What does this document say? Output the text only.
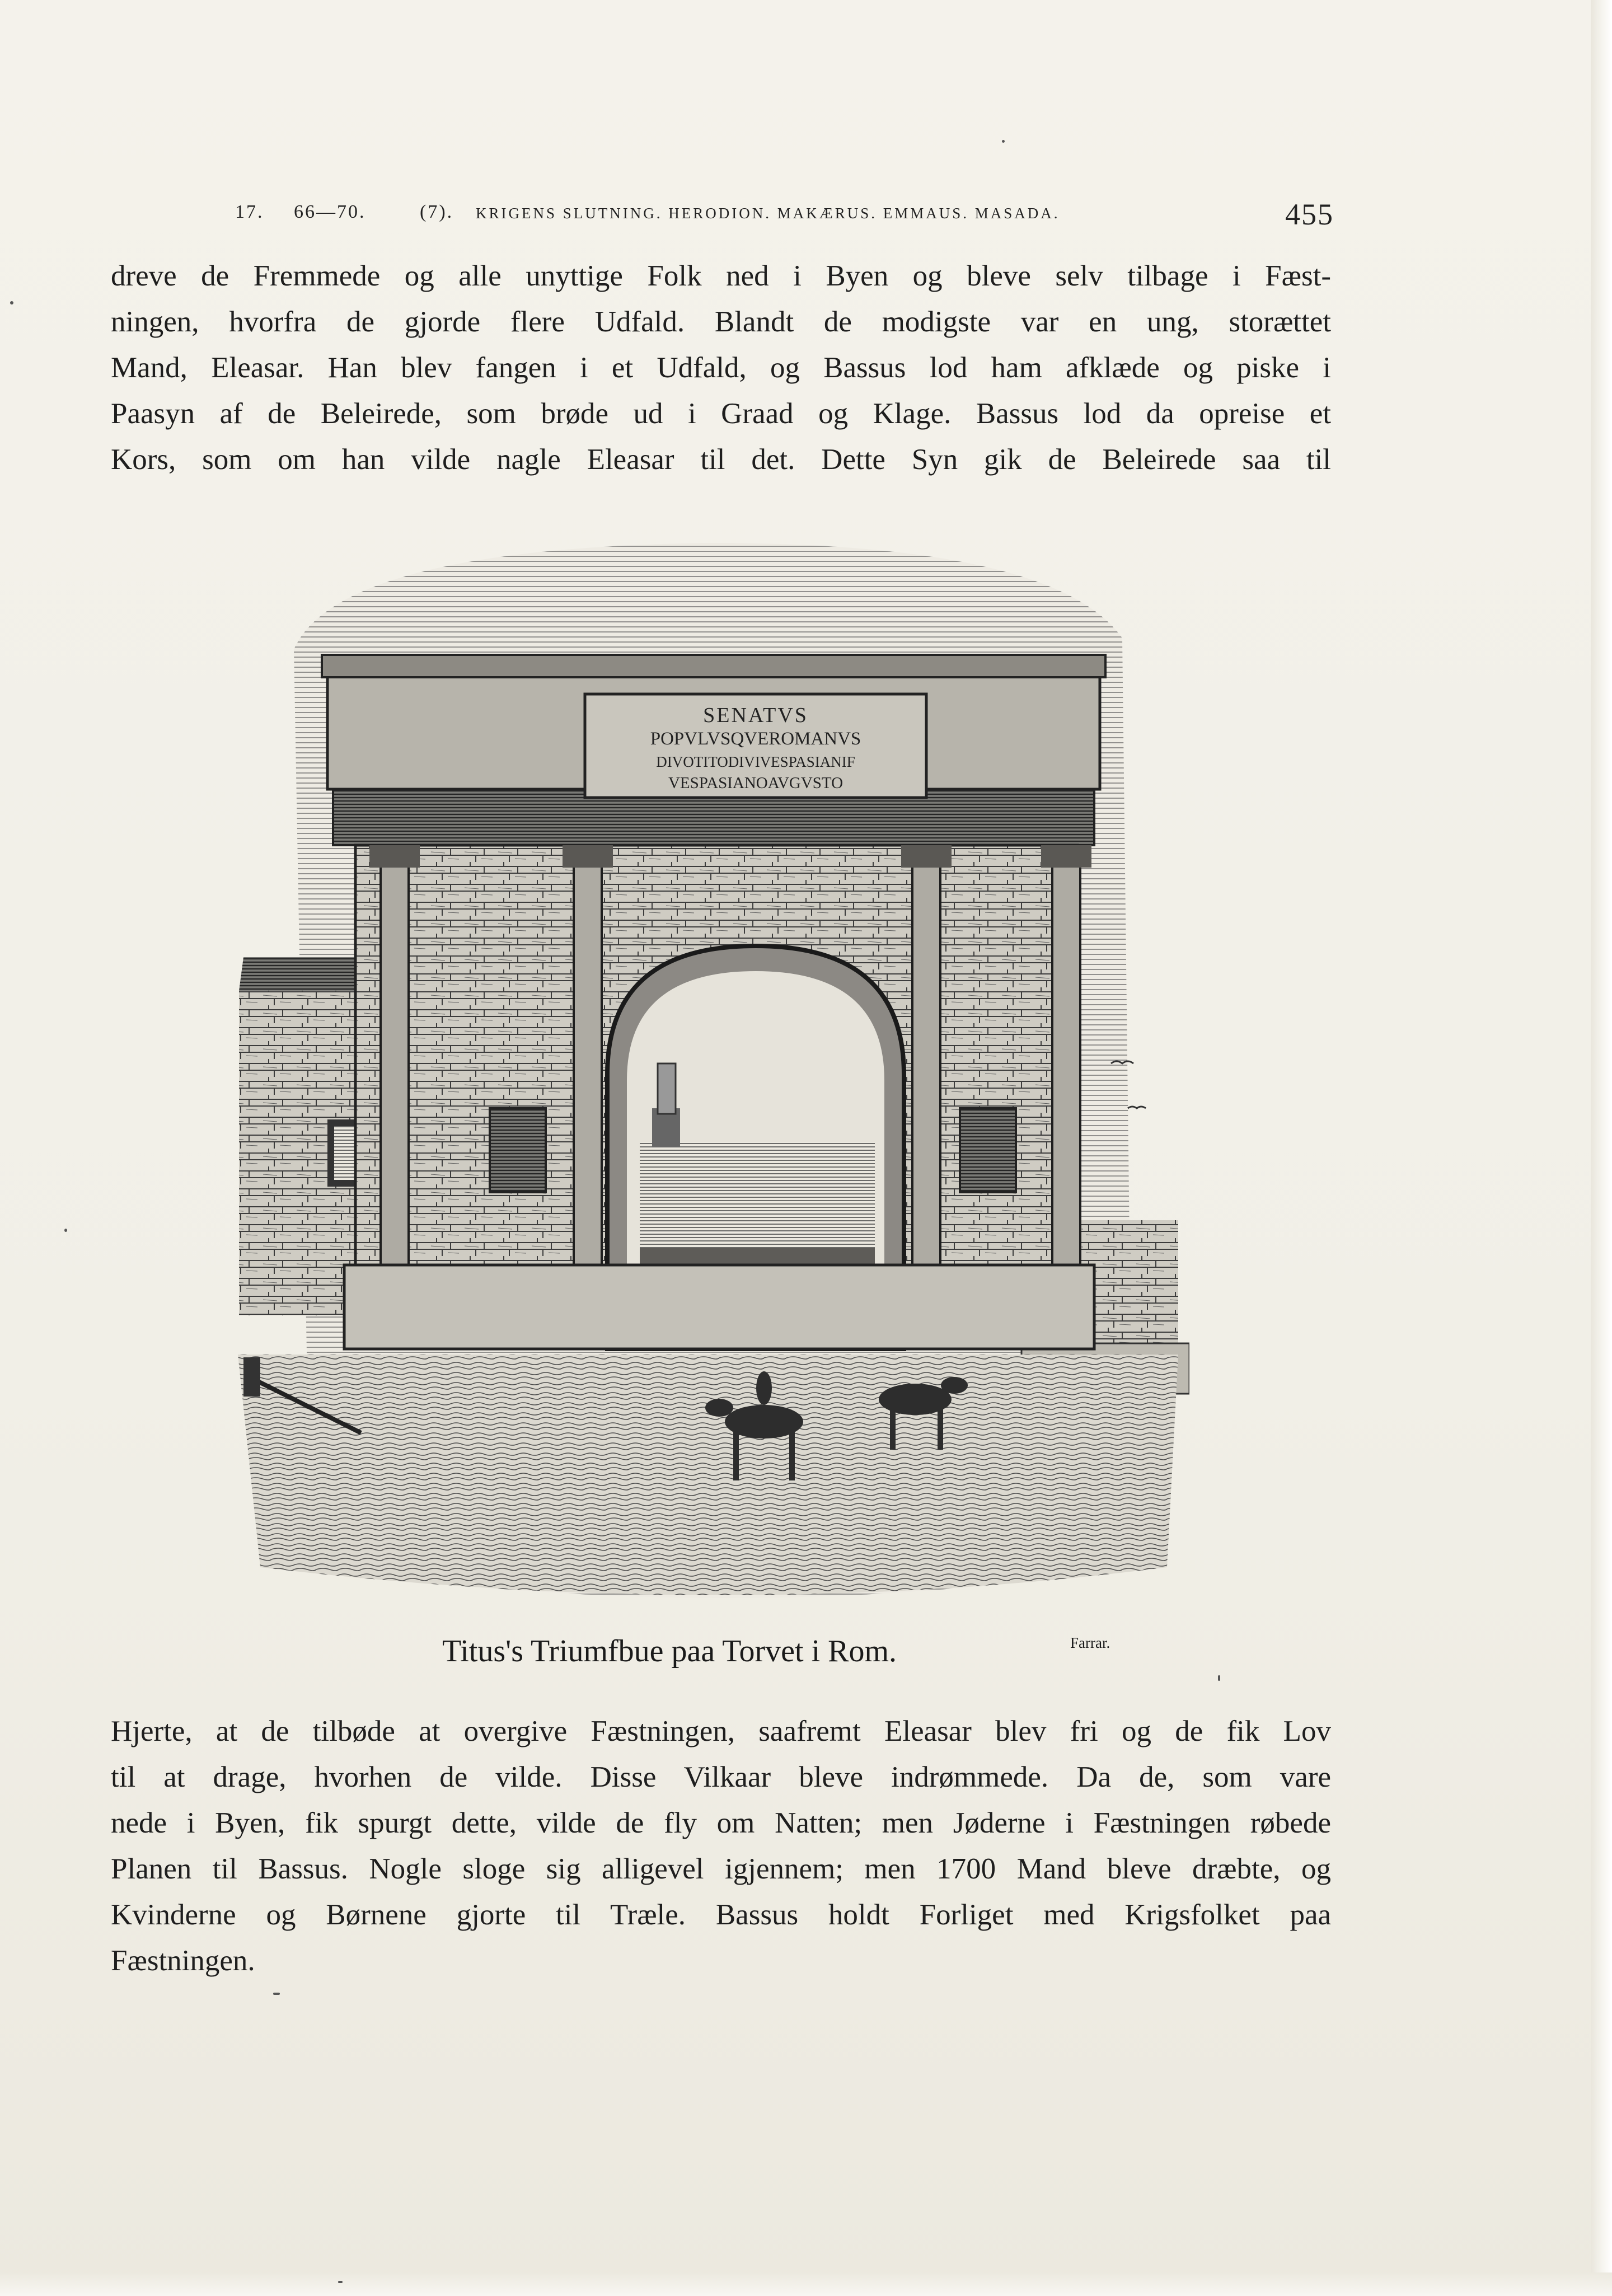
17. 66—70.	(7). KRIGENS SLUTNING. HERODION. MAKÆRUS. EMMAUS. MASADA.	455
dreve de Fremmede og alle unyttige Folk ned i Byen og bleve selv tilbage i Fæst-
ningen, hvorfra de gjorde flere Udfald. Blandt de modigste var en ung, storættet
Mand, Eleasar. Han blev fangen i et Udfald, og Bassus lod ham afklæde og piske i
Paasyn af de Beleirede, som brøde ud i Graad og Klage. Bassus lod da opreise et
Kors, som om han vilde nagle Eleasar til det. Dette Syn gik de Beleirede saa til
SENATVS
POPVLVSQVEROMANVS
DIVOTITODIVIVESPASIANIF
VESPASIANOAVGVSTO
Titus's Triumfbue paa Torvet i Rom.	Farrar.
Hjerte, at de tilbøde at overgive Fæstningen, saafremt Eleasar blev fri og de fik Lov
til at drage, hvorhen de vilde. Disse Vilkaar bleve indrømmede. Da de, som vare
nede i Byen, fik spurgt dette, vilde de fly om Natten; men Jøderne i Fæstningen røbede
Planen til Bassus. Nogle sloge sig alligevel igjennem; men 1700 Mand bleve dræbte, og
Kvinderne og Børnene gjorte til Træle. Bassus holdt Forliget med Krigsfolket paa
Fæstningen.
